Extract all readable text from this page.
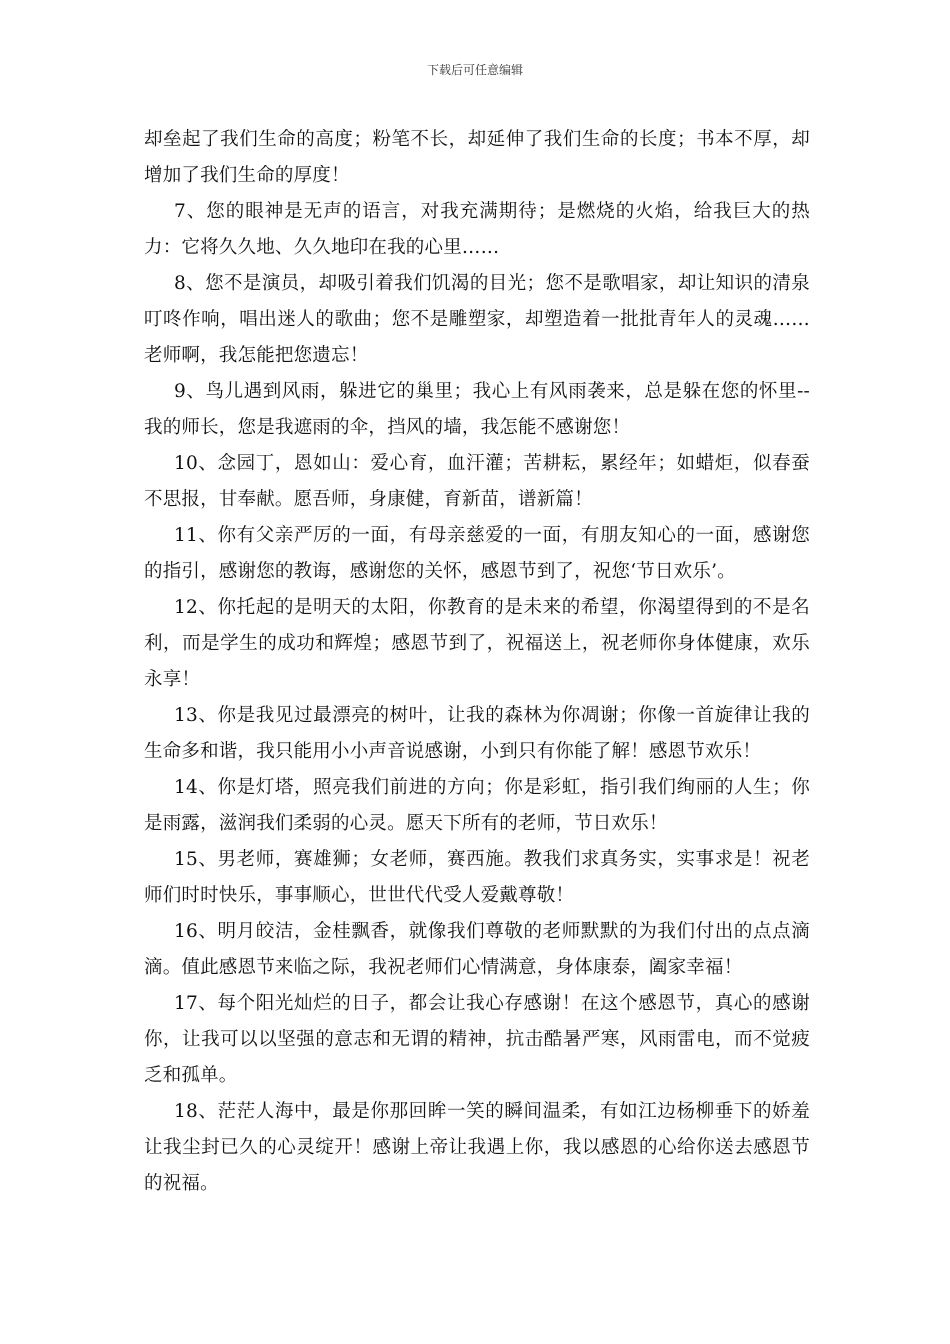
下载后可任意编辑

却垒起了我们生命的高度；粉笔不长，却延伸了我们生命的长度；书本不厚，却增加了我们生命的厚度！

7、您的眼神是无声的语言，对我充满期待；是燃烧的火焰，给我巨大的热力：它将久久地、久久地印在我的心里……

8、您不是演员，却吸引着我们饥渴的目光；您不是歌唱家，却让知识的清泉叮咚作响，唱出迷人的歌曲；您不是雕塑家，却塑造着一批批青年人的灵魂……老师啊，我怎能把您遗忘！

9、鸟儿遇到风雨，躲进它的巢里；我心上有风雨袭来，总是躲在您的怀里--我的师长，您是我遮雨的伞，挡风的墙，我怎能不感谢您！

10、念园丁，恩如山：爱心育，血汗灌；苦耕耘，累经年；如蜡炬，似春蚕不思报，甘奉献。愿吾师，身康健，育新苗，谱新篇！

11、你有父亲严厉的一面，有母亲慈爱的一面，有朋友知心的一面，感谢您的指引，感谢您的教诲，感谢您的关怀，感恩节到了，祝您‘节日欢乐’。

12、你托起的是明天的太阳，你教育的是未来的希望，你渴望得到的不是名利，而是学生的成功和辉煌；感恩节到了，祝福送上，祝老师你身体健康，欢乐永享！

13、你是我见过最漂亮的树叶，让我的森林为你凋谢；你像一首旋律让我的生命多和谐，我只能用小小声音说感谢，小到只有你能了解！感恩节欢乐！

14、你是灯塔，照亮我们前进的方向；你是彩虹，指引我们绚丽的人生；你是雨露，滋润我们柔弱的心灵。愿天下所有的老师，节日欢乐！

15、男老师，赛雄狮；女老师，赛西施。教我们求真务实，实事求是！祝老师们时时快乐，事事顺心，世世代代受人爱戴尊敬！

16、明月皎洁，金桂飘香，就像我们尊敬的老师默默的为我们付出的点点滴滴。值此感恩节来临之际，我祝老师们心情满意，身体康泰，阖家幸福！

17、每个阳光灿烂的日子，都会让我心存感谢！在这个感恩节，真心的感谢你，让我可以以坚强的意志和无谓的精神，抗击酷暑严寒，风雨雷电，而不觉疲乏和孤单。

18、茫茫人海中，最是你那回眸一笑的瞬间温柔，有如江边杨柳垂下的娇羞让我尘封已久的心灵绽开！感谢上帝让我遇上你，我以感恩的心给你送去感恩节的祝福。
